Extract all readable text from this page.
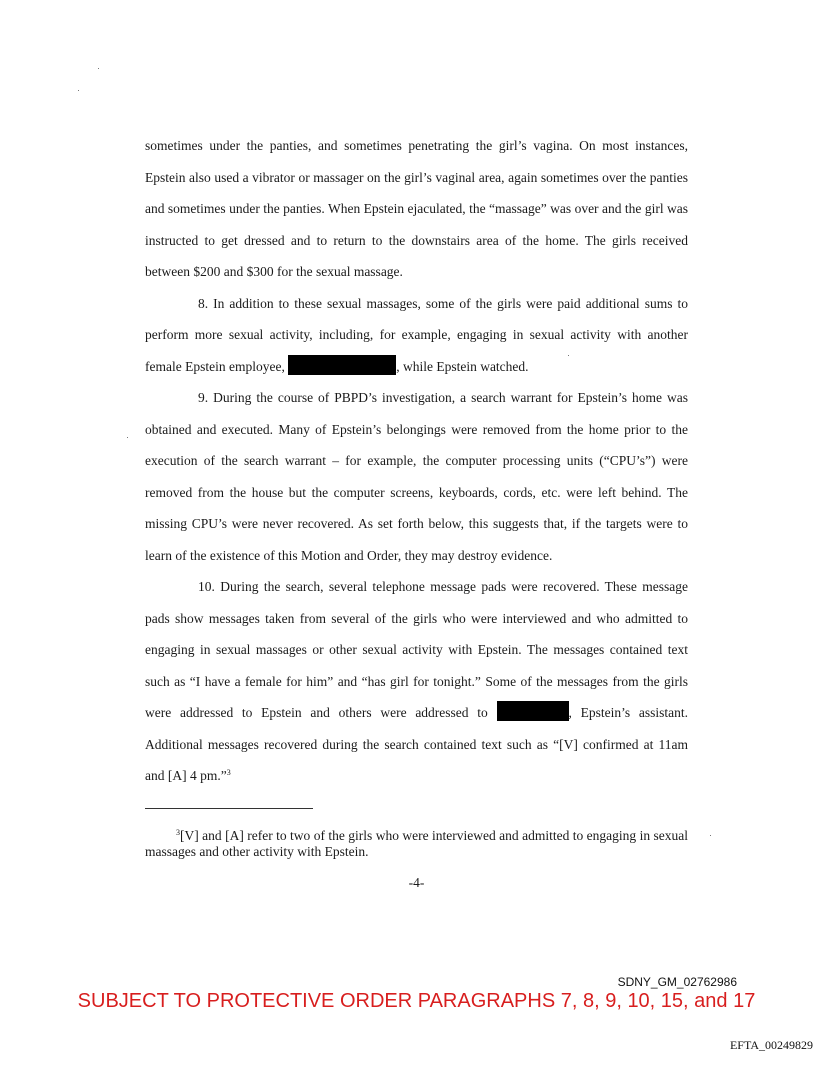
sometimes under the panties, and sometimes penetrating the girl’s vagina. On most instances, Epstein also used a vibrator or massager on the girl’s vaginal area, again sometimes over the panties and sometimes under the panties. When Epstein ejaculated, the “massage” was over and the girl was instructed to get dressed and to return to the downstairs area of the home. The girls received between $200 and $300 for the sexual massage.

8. In addition to these sexual massages, some of the girls were paid additional sums to perform more sexual activity, including, for example, engaging in sexual activity with another female Epstein employee,	, while Epstein watched.

9. During the course of PBPD’s investigation, a search warrant for Epstein’s home was obtained and executed. Many of Epstein’s belongings were removed from the home prior to the execution of the search warrant – for example, the computer processing units (“CPU’s”) were removed from the house but the computer screens, keyboards, cords, etc. were left behind. The missing CPU’s were never recovered. As set forth below, this suggests that, if the targets were to learn of the existence of this Motion and Order, they may destroy evidence.

10. During the search, several telephone message pads were recovered. These message pads show messages taken from several of the girls who were interviewed and who admitted to engaging in sexual massages or other sexual activity with Epstein. The messages contained text such as “I have a female for him” and “has girl for tonight.” Some of the messages from the girls were addressed to Epstein and others were addressed to	, Epstein’s assistant. Additional messages recovered during the search contained text such as “[V] confirmed at 11am and [A] 4 pm.”$^3$

$^3$[V] and [A] refer to two of the girls who were interviewed and admitted to engaging in sexual massages and other activity with Epstein.
-4-
SDNY_GM_02762986
SUBJECT TO PROTECTIVE ORDER PARAGRAPHS 7, 8, 9, 10, 15, and 17
EFTA_00249829
